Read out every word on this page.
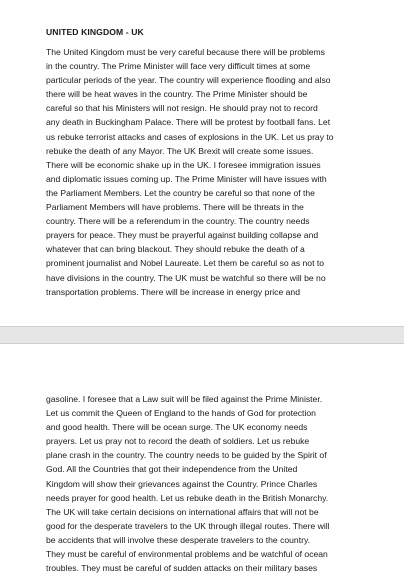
UNITED KINGDOM - UK
The United Kingdom must be very careful because there will be problems
in the country. The Prime Minister will face very difficult times at some
particular periods of the year. The country will experience flooding and also
there will be heat waves in the country. The Prime Minister should be
careful so that his Ministers will not resign. He should pray not to record
any death in Buckingham Palace. There will be protest by football fans. Let
us rebuke terrorist attacks and cases of explosions in the UK. Let us pray to
rebuke the death of any Mayor. The UK Brexit will create some issues.
There will be economic shake up in the UK. I foresee immigration issues
and diplomatic issues coming up. The Prime Minister will have issues with
the Parliament Members. Let the country be careful so that none of the
Parliament Members will have problems. There will be threats in the
country. There will be a referendum in the country. The country needs
prayers for peace. They must be prayerful against building collapse and
whatever that can bring blackout. They should rebuke the death of a
prominent journalist and Nobel Laureate. Let them be careful so as not to
have divisions in the country. The UK must be watchful so there will be no
transportation problems. There will be increase in energy price and
gasoline. I foresee that a Law suit will be filed against the Prime Minister.
Let us commit the Queen of England to the hands of God for protection
and good health. There will be ocean surge. The UK economy needs
prayers. Let us pray not to record the death of soldiers. Let us rebuke
plane crash in the country. The country needs to be guided by the Spirit of
God. All the Countries that got their independence from the United
Kingdom will show their grievances against the Country. Prince Charles
needs prayer for good health. Let us rebuke death in the British Monarchy.
The UK will take certain decisions on international affairs that will not be
good for the desperate travelers to the UK through illegal routes. There will
be accidents that will involve these desperate travelers to the country.
They must be careful of environmental problems and be watchful of ocean
troubles. They must be careful of sudden attacks on their military bases
